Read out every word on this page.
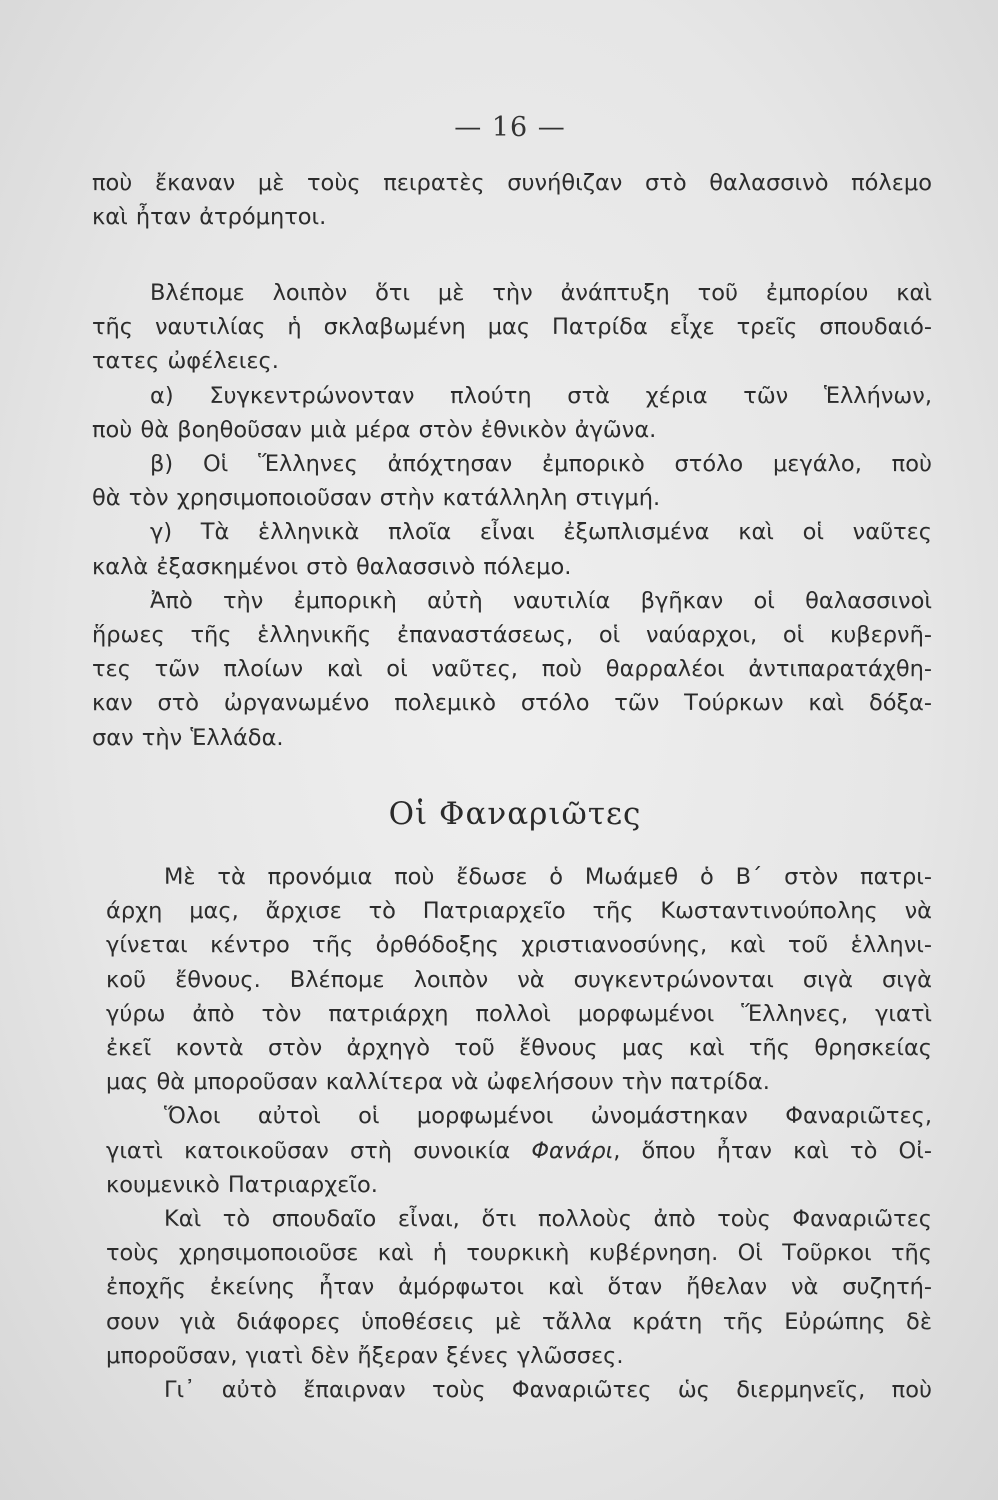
— 16 —
ποὺ ἔκαναν μὲ τοὺς πειρατὲς συνήθιζαν στὸ θαλασσινὸ πόλεμο
καὶ ἦταν ἀτρόμητοι.
Βλέπομε λοιπὸν ὅτι μὲ τὴν ἀνάπτυξη τοῦ ἐμπορίου καὶ
τῆς ναυτιλίας ἡ σκλαβωμένη μας Πατρίδα εἶχε τρεῖς σπουδαιό-
τατες ὠφέλειες.
α) Συγκεντρώνονταν πλούτη στὰ χέρια τῶν Ἑλλήνων,
ποὺ θὰ βοηθοῦσαν μιὰ μέρα στὸν ἐθνικὸν ἀγῶνα.
β) Οἱ Ἕλληνες ἀπόχτησαν ἐμπορικὸ στόλο μεγάλο, ποὺ
θὰ τὸν χρησιμοποιοῦσαν στὴν κατάλληλη στιγμή.
γ) Τὰ ἑλληνικὰ πλοῖα εἶναι ἐξωπλισμένα καὶ οἱ ναῦτες
καλὰ ἐξασκημένοι στὸ θαλασσινὸ πόλεμο.
Ἀπὸ τὴν ἐμπορικὴ αὐτὴ ναυτιλία βγῆκαν οἱ θαλασσινοὶ
ἥρωες τῆς ἑλληνικῆς ἐπαναστάσεως, οἱ ναύαρχοι, οἱ κυβερνῆ-
τες τῶν πλοίων καὶ οἱ ναῦτες, ποὺ θαρραλέοι ἀντιπαρατάχθη-
καν στὸ ὠργανωμένο πολεμικὸ στόλο τῶν Τούρκων καὶ δόξα-
σαν τὴν Ἑλλάδα.
Οἱ Φαναριῶτες
Μὲ τὰ προνόμια ποὺ ἔδωσε ὁ Μωάμεθ ὁ Β΄ στὸν πατρι-
άρχη μας, ἄρχισε τὸ Πατριαρχεῖο τῆς Κωσταντινούπολης νὰ
γίνεται κέντρο τῆς ὀρθόδοξης χριστιανοσύνης, καὶ τοῦ ἑλληνι-
κοῦ ἔθνους. Βλέπομε λοιπὸν νὰ συγκεντρώνονται σιγὰ σιγὰ
γύρω ἀπὸ τὸν πατριάρχη πολλοὶ μορφωμένοι Ἕλληνες, γιατὶ
ἐκεῖ κοντὰ στὸν ἀρχηγὸ τοῦ ἔθνους μας καὶ τῆς θρησκείας
μας θὰ μποροῦσαν καλλίτερα νὰ ὠφελήσουν τὴν πατρίδα.
Ὅλοι αὐτοὶ οἱ μορφωμένοι ὠνομάστηκαν Φαναριῶτες,
γιατὶ κατοικοῦσαν στὴ συνοικία Φανάρι, ὅπου ἦταν καὶ τὸ Οἰ-
κουμενικὸ Πατριαρχεῖο.
Καὶ τὸ σπουδαῖο εἶναι, ὅτι πολλοὺς ἀπὸ τοὺς Φαναριῶτες
τοὺς χρησιμοποιοῦσε καὶ ἡ τουρκικὴ κυβέρνηση. Οἱ Τοῦρκοι τῆς
ἐποχῆς ἐκείνης ἦταν ἀμόρφωτοι καὶ ὅταν ἤθελαν νὰ συζητή-
σουν γιὰ διάφορες ὑποθέσεις μὲ τἄλλα κράτη τῆς Εὐρώπης δὲ
μποροῦσαν, γιατὶ δὲν ἤξεραν ξένες γλῶσσες.
Γι᾿ αὐτὸ ἔπαιρναν τοὺς Φαναριῶτες ὡς διερμηνεῖς, ποὺ
